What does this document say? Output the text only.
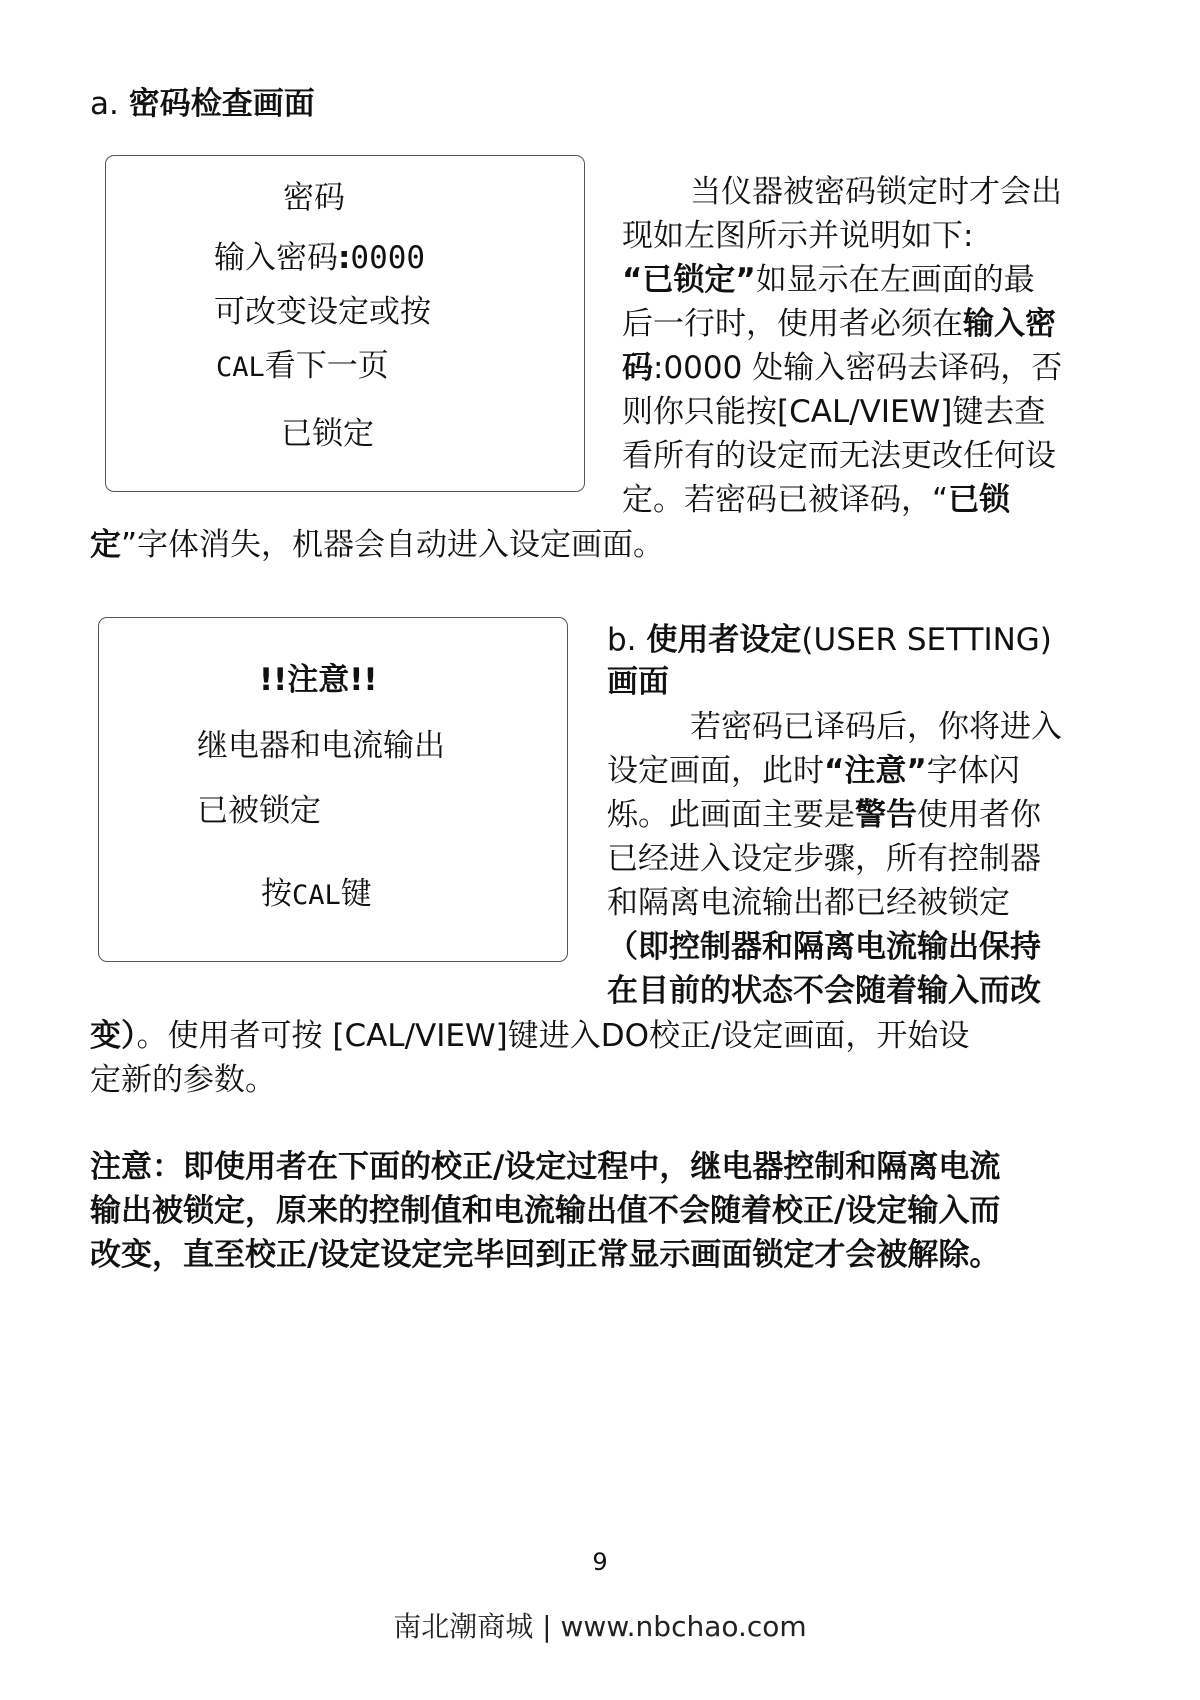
a. 密码检查画面
密码
输入密码:0000
可改变设定或按
CAL看下一页
已锁定
当仪器被密码锁定时才会出
现如左图所示并说明如下:
“已锁定”如显示在左画面的最
后一行时，使用者必须在输入密
码:0000 处输入密码去译码，否
则你只能按[CAL/VIEW]键去查
看所有的设定而无法更改任何设
定。若密码已被译码，“已锁
定”字体消失，机器会自动进入设定画面。
!!注意!!
继电器和电流输出
已被锁定
按CAL键
b. 使用者设定(USER SETTING)
画面
若密码已译码后，你将进入
设定画面，此时“注意”字体闪
烁。此画面主要是警告使用者你
已经进入设定步骤，所有控制器
和隔离电流输出都已经被锁定
（即控制器和隔离电流输出保持
在目前的状态不会随着输入而改
变）。使用者可按 [CAL/VIEW]键进入DO校正/设定画面，开始设
定新的参数。
注意：即使用者在下面的校正/设定过程中，继电器控制和隔离电流
输出被锁定，原来的控制值和电流输出值不会随着校正/设定输入而
改变，直至校正/设定设定完毕回到正常显示画面锁定才会被解除。
9
南北潮商城 | www.nbchao.com
